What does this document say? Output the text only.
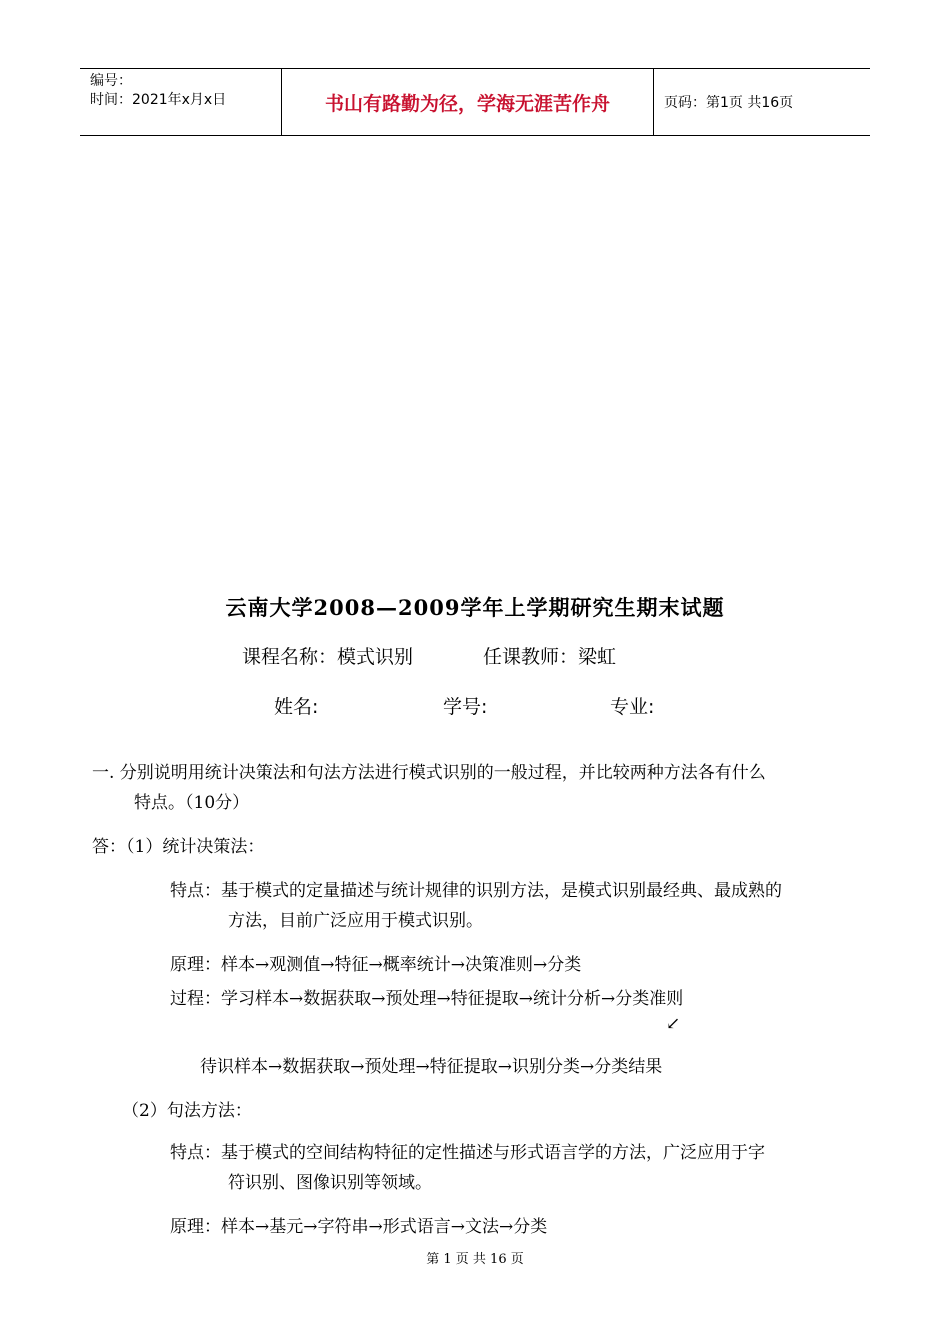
编号：
时间：2021年x月x日	书山有路勤为径，学海无涯苦作舟	页码：第1页 共16页
云南大学2008—2009学年上学期研究生期末试题
课程名称：模式识别	任课教师：梁虹
姓名:	学号:	专业:
一. 分别说明用统计决策法和句法方法进行模式识别的一般过程，并比较两种方法各有什么
特点。（10分）
答：（1）统计决策法：
特点：基于模式的定量描述与统计规律的识别方法，是模式识别最经典、最成熟的
方法，目前广泛应用于模式识别。
原理：样本→观测值→特征→概率统计→决策准则→分类
过程：学习样本→数据获取→预处理→特征提取→统计分析→分类准则
↙
待识样本→数据获取→预处理→特征提取→识别分类→分类结果
（2）句法方法：
特点：基于模式的空间结构特征的定性描述与形式语言学的方法，广泛应用于字
符识别、图像识别等领域。
原理：样本→基元→字符串→形式语言→文法→分类
第 1 页 共 16 页
